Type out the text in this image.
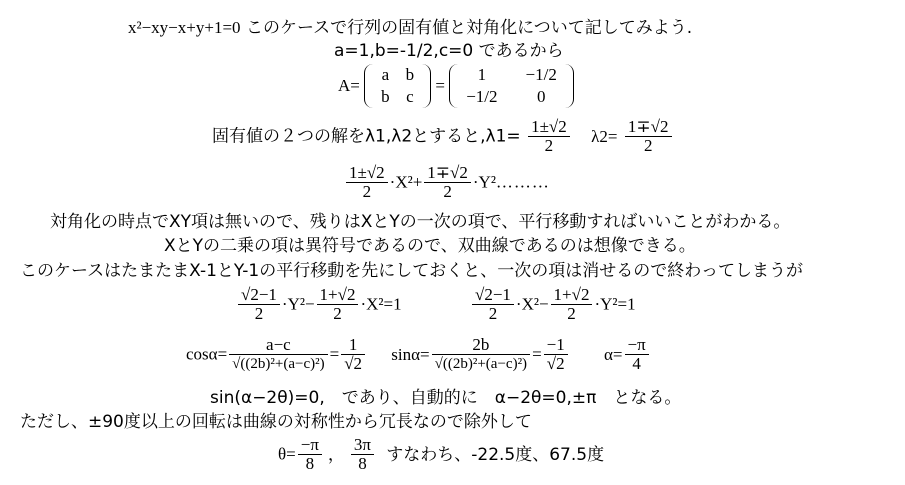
x²−xy−x+y+1=0 このケースで行列の固有値と対角化について記してみよう.
a=1,b=-1/2,c=0 であるから
A=
a	b
b	c
=
1	−1/2
−1/2	0
固有値の２つの解をλ1,λ2とすると$,\lambda 1= \frac{1\pm√2}{2} \lambda 2= \frac{1\mp√2}{2}$
$\frac{1\pm√2}{2} \cdot X^2+ \frac{1\mp√2}{2}$ ·Y²………
対角化の時点でXY項は無いので、残りはXとYの一次の項で、平行移動すればいいことがわかる。
XとYの二乗の項は異符号であるので、双曲線であるのは想像できる。
このケースはたまたまX-1とY-1の平行移動を先にしておくと、一次の項は消せるので終わってしまうが
$\frac{√2-1}{2} \cdot Y^2- \frac{1+√2}{2} \cdot X^2=1$	$\frac{√2-1}{2} \cdot X^2- \frac{1+√2}{2} \cdot Y^2=1$
$\cos\alpha= \frac{a-c}{\text{√((2b)²+(a−c)²)}} = \frac{1}{√2} \sin\alpha= \frac{2b}{\text{√((2b)²+(a−c)²)}} = \frac{-1}{√2} \alpha= \frac{-\pi}{4}$
sin(α−2θ)=0,　であり、自動的に　α−2θ=0,±π　となる。
ただし、±90度以上の回転は曲線の対称性から冗長なので除外して
$\theta= \frac{-\pi}{8}$ ， $\frac{3\pi}{8}$ すなわち、-22.5度、67.5度
